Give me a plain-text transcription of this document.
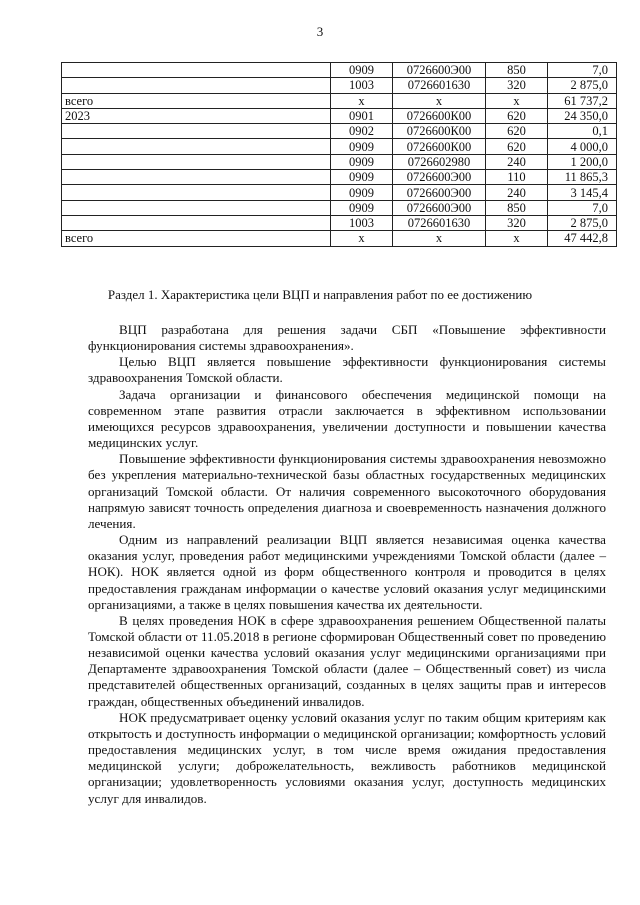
3
	0909	0726600Э00	850	7,0
	1003	0726601630	320	2 875,0
всего	х	х	х	61 737,2
2023	0901	0726600К00	620	24 350,0
	0902	0726600К00	620	0,1
	0909	0726600К00	620	4 000,0
	0909	0726602980	240	1 200,0
	0909	0726600Э00	110	11 865,3
	0909	0726600Э00	240	3 145,4
	0909	0726600Э00	850	7,0
	1003	0726601630	320	2 875,0
всего	х	х	х	47 442,8
Раздел 1. Характеристика цели ВЦП и направления работ по ее достижению

ВЦП разработана для решения задачи СБП «Повышение эффективности функционирования системы здравоохранения».

Целью ВЦП является повышение эффективности функционирования системы здравоохранения Томской области.

Задача организации и финансового обеспечения медицинской помощи на современном этапе развития отрасли заключается в эффективном использовании имеющихся ресурсов здравоохранения, увеличении доступности и повышении качества медицинских услуг.

Повышение эффективности функционирования системы здравоохранения невозможно без укрепления материально-технической базы областных государственных медицинских организаций Томской области. От наличия современного высокоточного оборудования напрямую зависят точность определения диагноза и своевременность назначения должного лечения.

Одним из направлений реализации ВЦП является независимая оценка качества оказания услуг, проведения работ медицинскими учреждениями Томской области (далее – НОК). НОК является одной из форм общественного контроля и проводится в целях предоставления гражданам информации о качестве условий оказания услуг медицинскими организациями, а также в целях повышения качества их деятельности.

В целях проведения НОК в сфере здравоохранения решением Общественной палаты Томской области от 11.05.2018 в регионе сформирован Общественный совет по проведению независимой оценки качества условий оказания услуг медицинскими организациями при Департаменте здравоохранения Томской области (далее – Общественный совет) из числа представителей общественных организаций, созданных в целях защиты прав и интересов граждан, общественных объединений инвалидов.

НОК предусматривает оценку условий оказания услуг по таким общим критериям как открытость и доступность информации о медицинской организации; комфортность условий предоставления медицинских услуг, в том числе время ожидания предоставления медицинской услуги; доброжелательность, вежливость работников медицинской организации; удовлетворенность условиями оказания услуг, доступность медицинских услуг для инвалидов.
